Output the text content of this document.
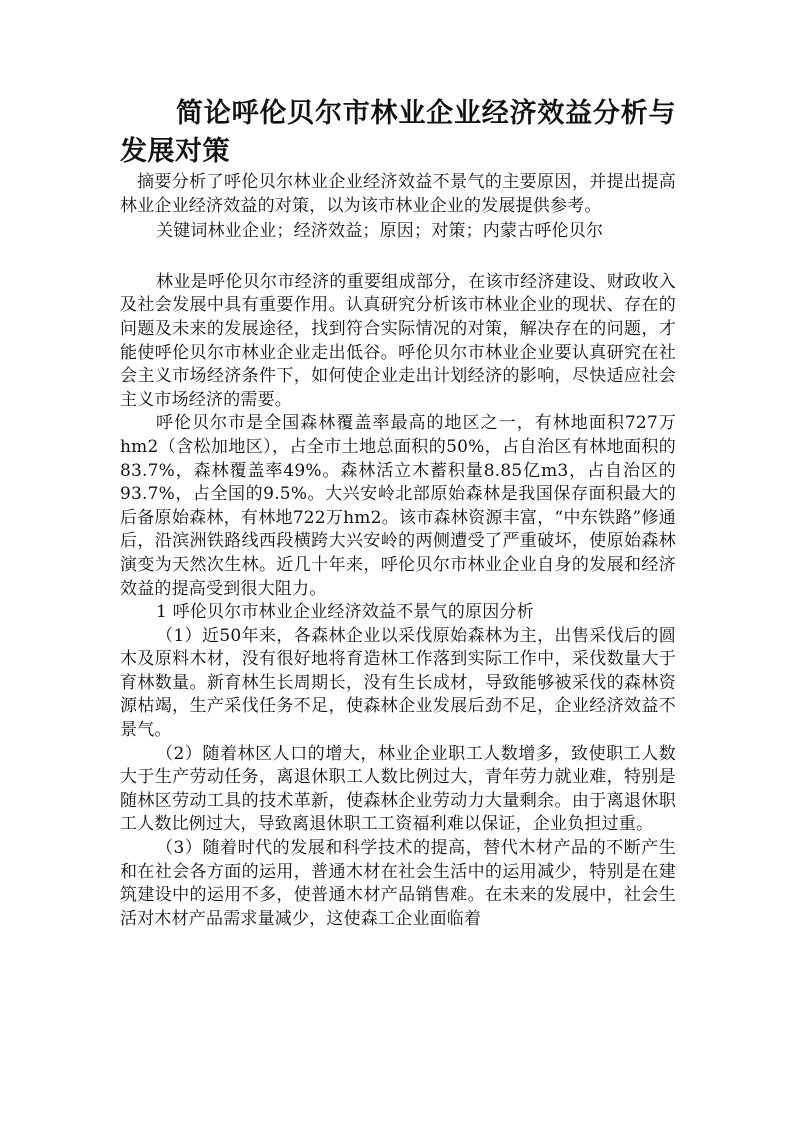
简论呼伦贝尔市林业企业经济效益分析与发展对策

摘要分析了呼伦贝尔林业企业经济效益不景气的主要原因，并提出提高林业企业经济效益的对策，以为该市林业企业的发展提供参考。

关键词林业企业；经济效益；原因；对策；内蒙古呼伦贝尔

林业是呼伦贝尔市经济的重要组成部分，在该市经济建设、财政收入及社会发展中具有重要作用。认真研究分析该市林业企业的现状、存在的问题及未来的发展途径，找到符合实际情况的对策，解决存在的问题，才能使呼伦贝尔市林业企业走出低谷。呼伦贝尔市林业企业要认真研究在社会主义市场经济条件下，如何使企业走出计划经济的影响，尽快适应社会主义市场经济的需要。

呼伦贝尔市是全国森林覆盖率最高的地区之一，有林地面积727万hm2（含松加地区），占全市土地总面积的50%，占自治区有林地面积的83.7%，森林覆盖率49%。森林活立木蓄积量8.85亿m3，占自治区的93.7%，占全国的9.5%。大兴安岭北部原始森林是我国保存面积最大的后备原始森林，有林地722万hm2。该市森林资源丰富，“中东铁路”修通后，沿滨洲铁路线西段横跨大兴安岭的两侧遭受了严重破坏，使原始森林演变为天然次生林。近几十年来，呼伦贝尔市林业企业自身的发展和经济效益的提高受到很大阻力。

1 呼伦贝尔市林业企业经济效益不景气的原因分析

（1）近50年来，各森林企业以采伐原始森林为主，出售采伐后的圆木及原料木材，没有很好地将育造林工作落到实际工作中，采伐数量大于育林数量。新育林生长周期长，没有生长成材，导致能够被采伐的森林资源枯竭，生产采伐任务不足，使森林企业发展后劲不足，企业经济效益不景气。

（2）随着林区人口的增大，林业企业职工人数增多，致使职工人数大于生产劳动任务，离退休职工人数比例过大，青年劳力就业难，特别是随林区劳动工具的技术革新，使森林企业劳动力大量剩余。由于离退休职工人数比例过大，导致离退休职工工资福利难以保证，企业负担过重。

（3）随着时代的发展和科学技术的提高，替代木材产品的不断产生和在社会各方面的运用，普通木材在社会生活中的运用减少，特别是在建筑建设中的运用不多，使普通木材产品销售难。在未来的发展中，社会生活对木材产品需求量减少，这使森工企业面临着
